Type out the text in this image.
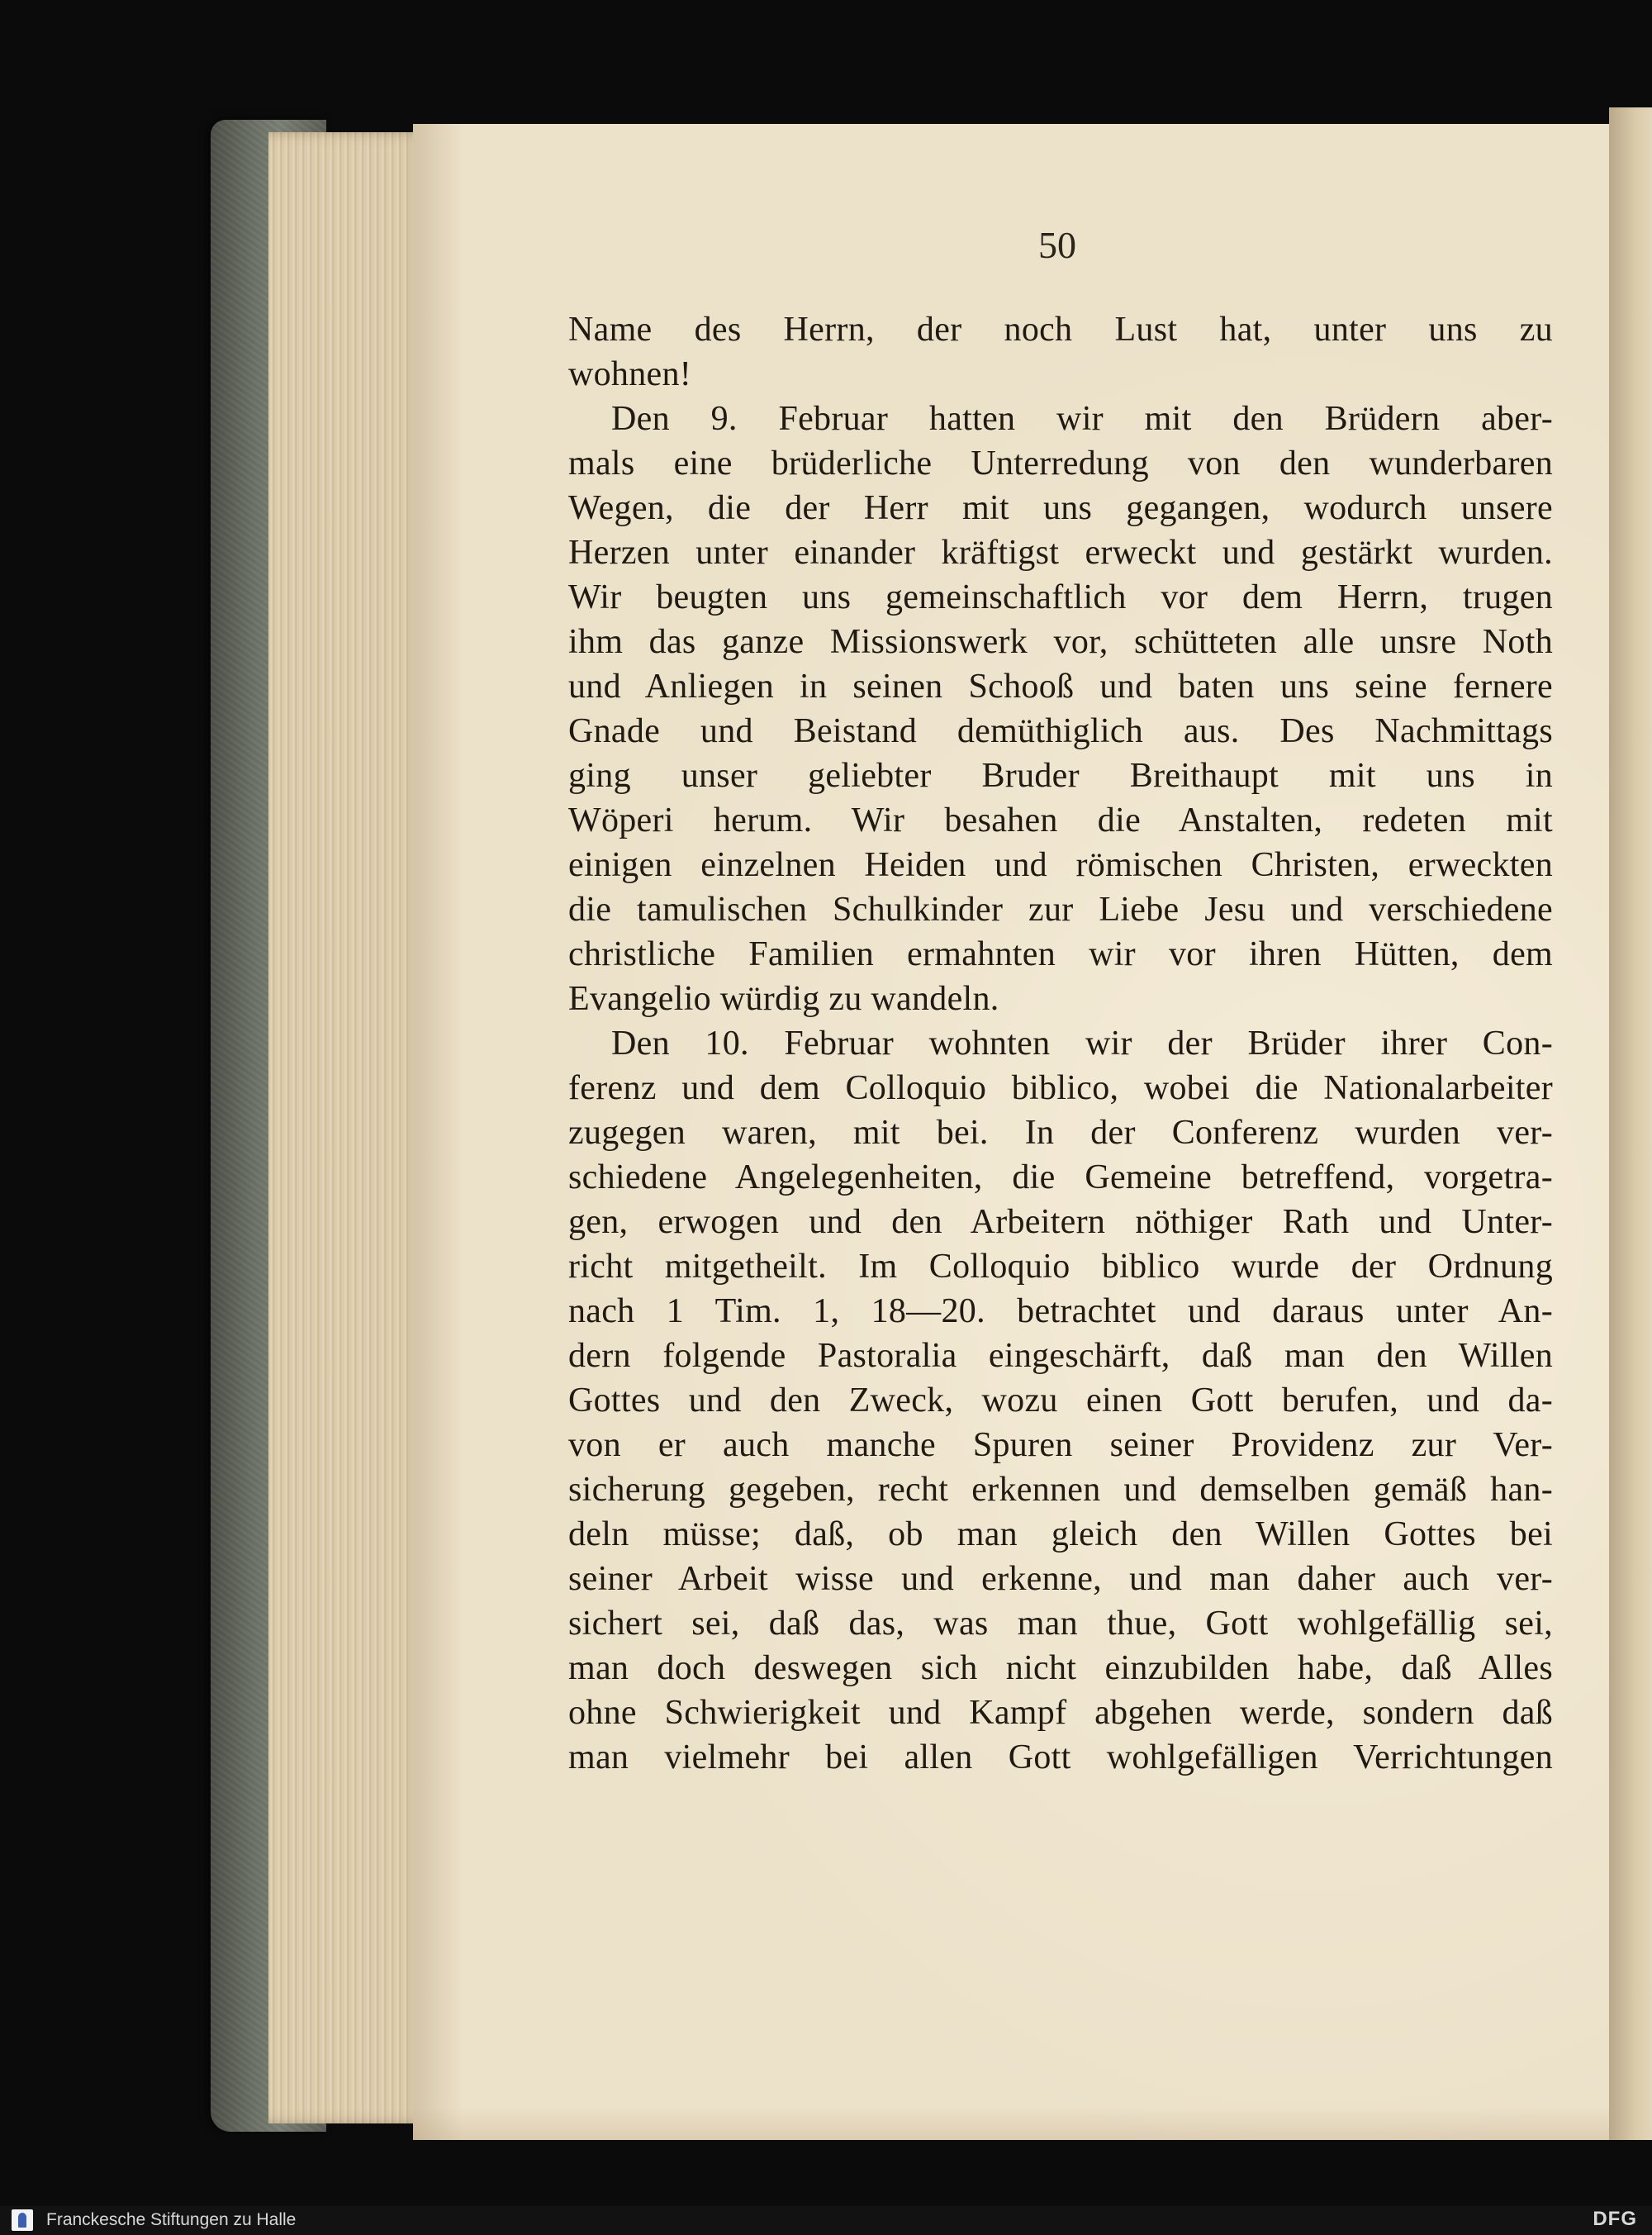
50
Name des Herrn, der noch Lust hat, unter uns zu
wohnen!
Den 9. Februar hatten wir mit den Brüdern aber-
mals eine brüderliche Unterredung von den wunderbaren
Wegen, die der Herr mit uns gegangen, wodurch unsere
Herzen unter einander kräftigst erweckt und gestärkt wurden.
Wir beugten uns gemeinschaftlich vor dem Herrn, trugen
ihm das ganze Missionswerk vor, schütteten alle unsre Noth
und Anliegen in seinen Schooß und baten uns seine fernere
Gnade und Beistand demüthiglich aus. Des Nachmittags
ging unser geliebter Bruder Breithaupt mit uns in
Wöperi herum. Wir besahen die Anstalten, redeten mit
einigen einzelnen Heiden und römischen Christen, erweckten
die tamulischen Schulkinder zur Liebe Jesu und verschiedene
christliche Familien ermahnten wir vor ihren Hütten, dem
Evangelio würdig zu wandeln.
Den 10. Februar wohnten wir der Brüder ihrer Con-
ferenz und dem Colloquio biblico, wobei die Nationalarbeiter
zugegen waren, mit bei. In der Conferenz wurden ver-
schiedene Angelegenheiten, die Gemeine betreffend, vorgetra-
gen, erwogen und den Arbeitern nöthiger Rath und Unter-
richt mitgetheilt. Im Colloquio biblico wurde der Ordnung
nach 1 Tim. 1, 18—20. betrachtet und daraus unter An-
dern folgende Pastoralia eingeschärft, daß man den Willen
Gottes und den Zweck, wozu einen Gott berufen, und da-
von er auch manche Spuren seiner Providenz zur Ver-
sicherung gegeben, recht erkennen und demselben gemäß han-
deln müsse; daß, ob man gleich den Willen Gottes bei
seiner Arbeit wisse und erkenne, und man daher auch ver-
sichert sei, daß das, was man thue, Gott wohlgefällig sei,
man doch deswegen sich nicht einzubilden habe, daß Alles
ohne Schwierigkeit und Kampf abgehen werde, sondern daß
man vielmehr bei allen Gott wohlgefälligen Verrichtungen
Franckesche Stiftungen zu Halle	DFG
